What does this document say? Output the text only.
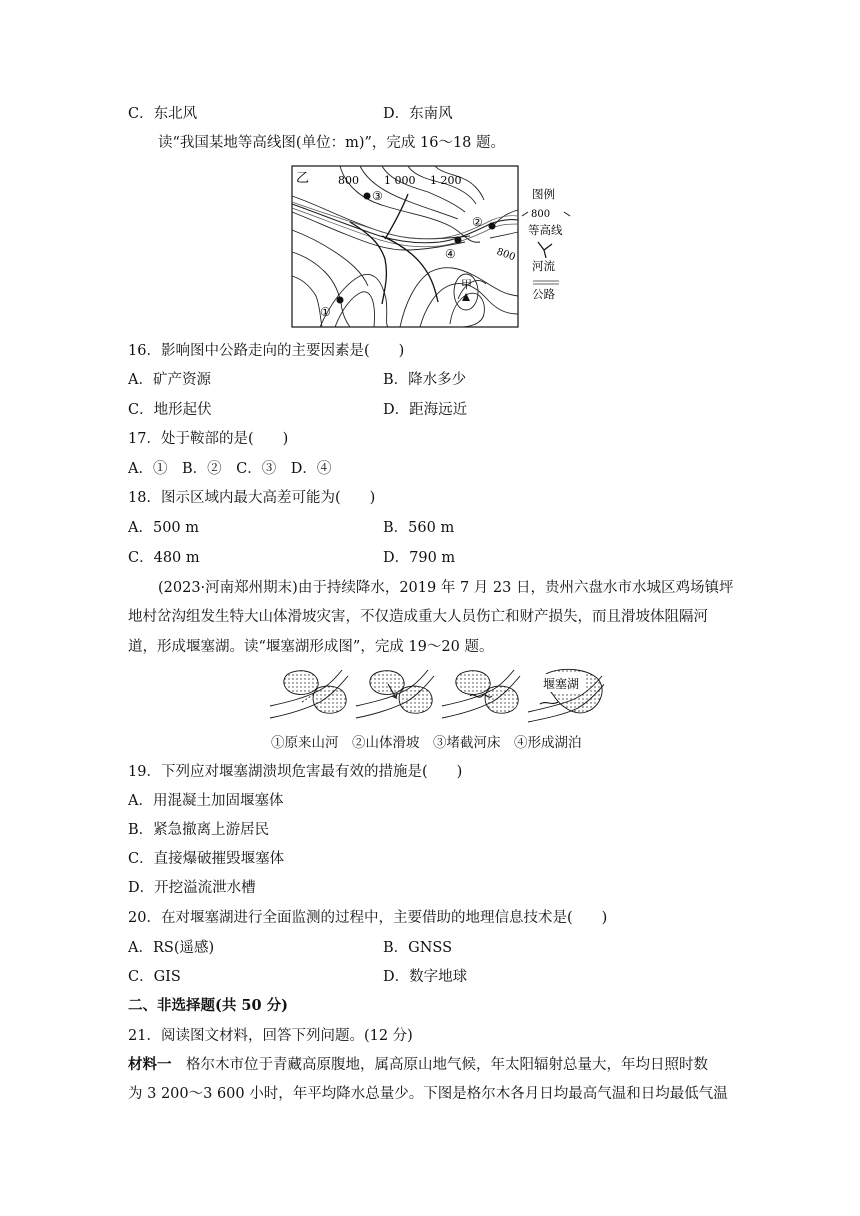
C．东北风	D．东南风
读“我国某地等高线图(单位：m)”，完成 16～18 题。
乙	800 1 000 1 200
③
②
④
①
甲
800
图例
800
等高线
河流
公路
16．影响图中公路走向的主要因素是(　　)
A．矿产资源	B．降水多少
C．地形起伏	D．距海远近
17．处于鞍部的是(　　)
A．①　B．②　C．③　D．④
18．图示区域内最大高差可能为(　　)
A．500 m	B．560 m
C．480 m	D．790 m
(2023·河南郑州期末)由于持续降水，2019 年 7 月 23 日，贵州六盘水市水城区鸡场镇坪
地村岔沟组发生特大山体滑坡灾害，不仅造成重大人员伤亡和财产损失，而且滑坡体阻隔河
道，形成堰塞湖。读“堰塞湖形成图”，完成 19～20 题。
堰塞湖
①原来山河　②山体滑坡　③堵截河床　④形成湖泊
19．下列应对堰塞湖溃坝危害最有效的措施是(　　)
A．用混凝土加固堰塞体
B．紧急撤离上游居民
C．直接爆破摧毁堰塞体
D．开挖溢流泄水槽
20．在对堰塞湖进行全面监测的过程中，主要借助的地理信息技术是(　　)
A．RS(遥感)	B．GNSS
C．GIS	D．数字地球
二、非选择题(共 50 分)
21．阅读图文材料，回答下列问题。(12 分)
材料一　格尔木市位于青藏高原腹地，属高原山地气候，年太阳辐射总量大，年均日照时数
为 3 200～3 600 小时，年平均降水总量少。下图是格尔木各月日均最高气温和日均最低气温
